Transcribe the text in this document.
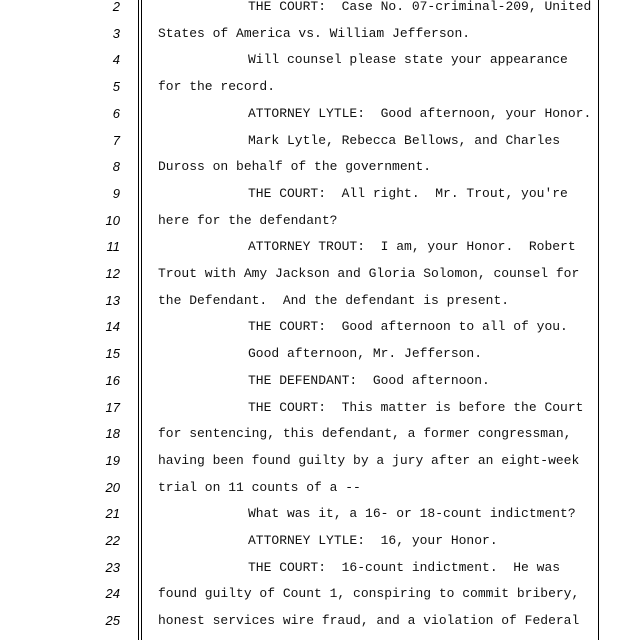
2	THE COURT:  Case No. 07-criminal-209, United
3	States of America vs. William Jefferson.
4	Will counsel please state your appearance
5	for the record.
6	ATTORNEY LYTLE:  Good afternoon, your Honor.
7	Mark Lytle, Rebecca Bellows, and Charles
8	Duross on behalf of the government.
9	THE COURT:  All right.  Mr. Trout, you're
10	here for the defendant?
11	ATTORNEY TROUT:  I am, your Honor.  Robert
12	Trout with Amy Jackson and Gloria Solomon, counsel for
13	the Defendant.  And the defendant is present.
14	THE COURT:  Good afternoon to all of you.
15	Good afternoon, Mr. Jefferson.
16	THE DEFENDANT:  Good afternoon.
17	THE COURT:  This matter is before the Court
18	for sentencing, this defendant, a former congressman,
19	having been found guilty by a jury after an eight-week
20	trial on 11 counts of a --
21	What was it, a 16- or 18-count indictment?
22	ATTORNEY LYTLE:  16, your Honor.
23	THE COURT:  16-count indictment.  He was
24	found guilty of Count 1, conspiring to commit bribery,
25	honest services wire fraud, and a violation of Federal
